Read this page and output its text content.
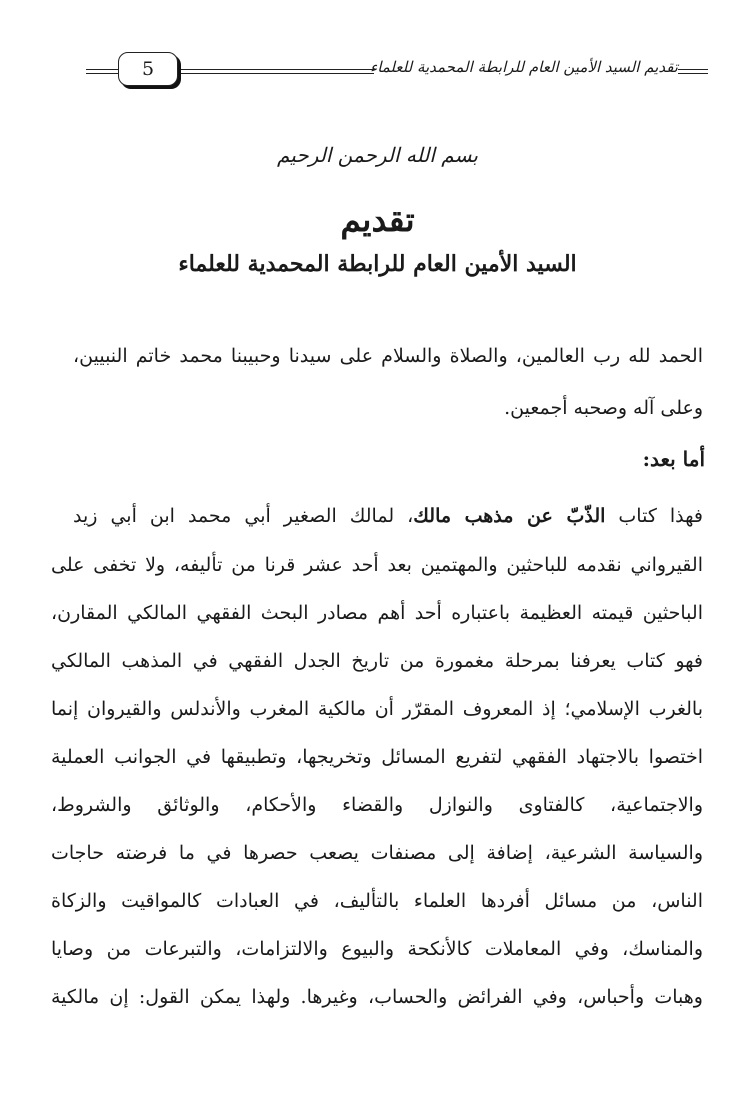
تقديم السيد الأمين العام للرابطة المحمدية للعلماء
5
بسم الله الرحمن الرحيم
تقديم
السيد الأمين العام للرابطة المحمدية للعلماء
الحمد لله رب العالمين، والصلاة والسلام على سيدنا وحبيبنا محمد خاتم النبيين،
وعلى آله وصحبه أجمعين.
أما بعد:
فهذا كتاب الذّبّ عن مذهب مالك، لمالك الصغير أبي محمد ابن أبي زيد
القيرواني نقدمه للباحثين والمهتمين بعد أحد عشر قرنا من تأليفه، ولا تخفى على
الباحثين قيمته العظيمة باعتباره أحد أهم مصادر البحث الفقهي المالكي المقارن،
فهو كتاب يعرفنا بمرحلة مغمورة من تاريخ الجدل الفقهي في المذهب المالكي
بالغرب الإسلامي؛ إذ المعروف المقرّر أن مالكية المغرب والأندلس والقيروان إنما
اختصوا بالاجتهاد الفقهي لتفريع المسائل وتخريجها، وتطبيقها في الجوانب العملية
والاجتماعية، كالفتاوى والنوازل والقضاء والأحكام، والوثائق والشروط،
والسياسة الشرعية، إضافة إلى مصنفات يصعب حصرها في ما فرضته حاجات
الناس، من مسائل أفردها العلماء بالتأليف، في العبادات كالمواقيت والزكاة
والمناسك، وفي المعاملات كالأنكحة والبيوع والالتزامات، والتبرعات من وصايا
وهبات وأحباس، وفي الفرائض والحساب، وغيرها. ولهذا يمكن القول: إن مالكية
